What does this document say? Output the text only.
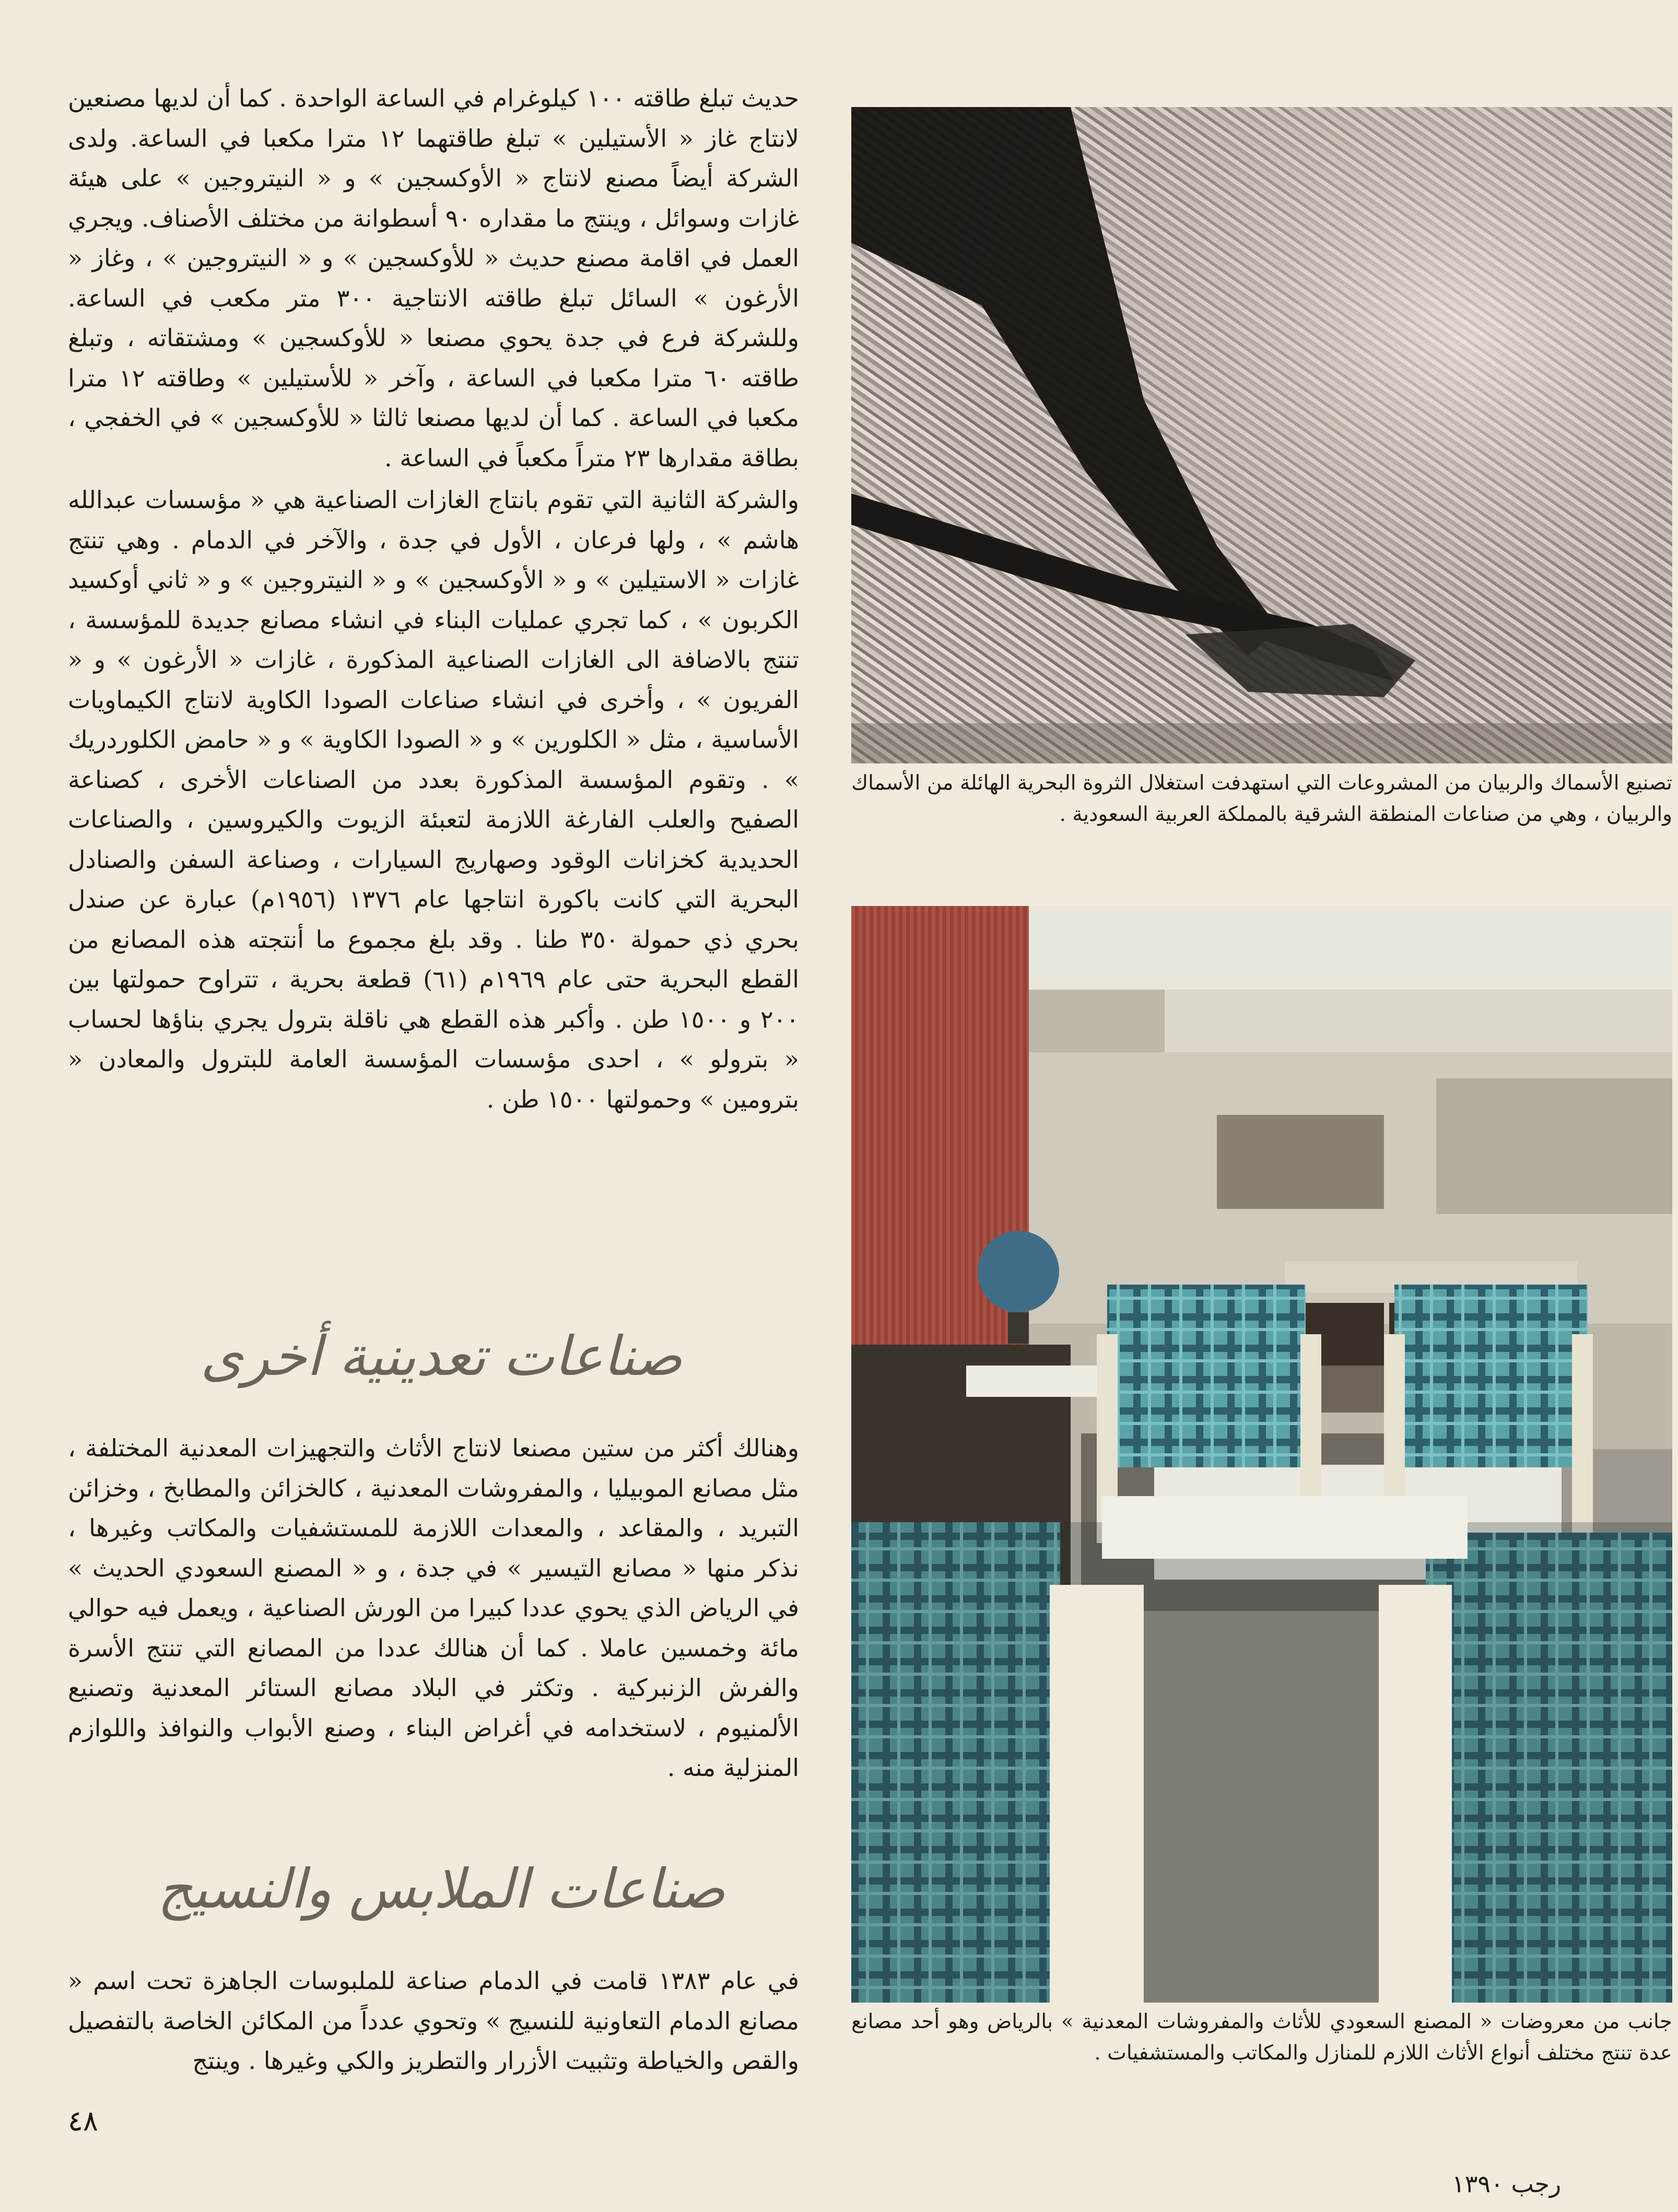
حديث تبلغ طاقته ١٠٠ كيلوغرام في الساعة الواحدة . كما أن لديها مصنعين لانتاج غاز « الأستيلين » تبلغ طاقتهما ١٢ مترا مكعبا في الساعة. ولدى الشركة أيضاً مصنع لانتاج « الأوكسجين » و « النيتروجين » على هيئة غازات وسوائل ، وينتج ما مقداره ٩٠ أسطوانة من مختلف الأصناف. ويجري العمل في اقامة مصنع حديث « للأوكسجين » و « النيتروجين » ، وغاز « الأرغون » السائل تبلغ طاقته الانتاجية ٣٠٠ متر مكعب في الساعة. وللشركة فرع في جدة يحوي مصنعا « للأوكسجين » ومشتقاته ، وتبلغ طاقته ٦٠ مترا مكعبا في الساعة ، وآخر « للأستيلين » وطاقته ١٢ مترا مكعبا في الساعة . كما أن لديها مصنعا ثالثا « للأوكسجين » في الخفجي ، بطاقة مقدارها ٢٣ متراً مكعباً في الساعة .

والشركة الثانية التي تقوم بانتاج الغازات الصناعية هي « مؤسسات عبدالله هاشم » ، ولها فرعان ، الأول في جدة ، والآخر في الدمام . وهي تنتج غازات « الاستيلين » و « الأوكسجين » و « النيتروجين » و « ثاني أوكسيد الكربون » ، كما تجري عمليات البناء في انشاء مصانع جديدة للمؤسسة ، تنتج بالاضافة الى الغازات الصناعية المذكورة ، غازات « الأرغون » و « الفريون » ، وأخرى في انشاء صناعات الصودا الكاوية لانتاج الكيماويات الأساسية ، مثل « الكلورين » و « الصودا الكاوية » و « حامض الكلوردريك » . وتقوم المؤسسة المذكورة بعدد من الصناعات الأخرى ، كصناعة الصفيح والعلب الفارغة اللازمة لتعبئة الزيوت والكيروسين ، والصناعات الحديدية كخزانات الوقود وصهاريج السيارات ، وصناعة السفن والصنادل البحرية التي كانت باكورة انتاجها عام ١٣٧٦ (١٩٥٦م) عبارة عن صندل بحري ذي حمولة ٣٥٠ طنا . وقد بلغ مجموع ما أنتجته هذه المصانع من القطع البحرية حتى عام ١٩٦٩م (٦١) قطعة بحرية ، تتراوح حمولتها بين ٢٠٠ و ١٥٠٠ طن . وأكبر هذه القطع هي ناقلة بترول يجري بناؤها لحساب « بترولو » ، احدى مؤسسات المؤسسة العامة للبترول والمعادن « بترومين » وحمولتها ١٥٠٠ طن .

صناعات تعدينية أخرى

وهنالك أكثر من ستين مصنعا لانتاج الأثاث والتجهيزات المعدنية المختلفة ، مثل مصانع الموبيليا ، والمفروشات المعدنية ، كالخزائن والمطابخ ، وخزائن التبريد ، والمقاعد ، والمعدات اللازمة للمستشفيات والمكاتب وغيرها ، نذكر منها « مصانع التيسير » في جدة ، و « المصنع السعودي الحديث » في الرياض الذي يحوي عددا كبيرا من الورش الصناعية ، ويعمل فيه حوالي مائة وخمسين عاملا . كما أن هنالك عددا من المصانع التي تنتج الأسرة والفرش الزنبركية . وتكثر في البلاد مصانع الستائر المعدنية وتصنيع الألمنيوم ، لاستخدامه في أغراض البناء ، وصنع الأبواب والنوافذ واللوازم المنزلية منه .

صناعات الملابس والنسيج

في عام ١٣٨٣ قامت في الدمام صناعة للملبوسات الجاهزة تحت اسم « مصانع الدمام التعاونية للنسيج » وتحوي عدداً من المكائن الخاصة بالتفصيل والقص والخياطة وتثبيت الأزرار والتطريز والكي وغيرها . وينتج

تصنيع الأسماك والربيان من المشروعات التي استهدفت استغلال الثروة البحرية الهائلة من الأسماك والربيان ، وهي من صناعات المنطقة الشرقية بالمملكة العربية السعودية .

جانب من معروضات « المصنع السعودي للأثاث والمفروشات المعدنية » بالرياض وهو أحد مصانع عدة تنتج مختلف أنواع الأثاث اللازم للمنازل والمكاتب والمستشفيات .

٤٨
رجب ١٣٩٠
